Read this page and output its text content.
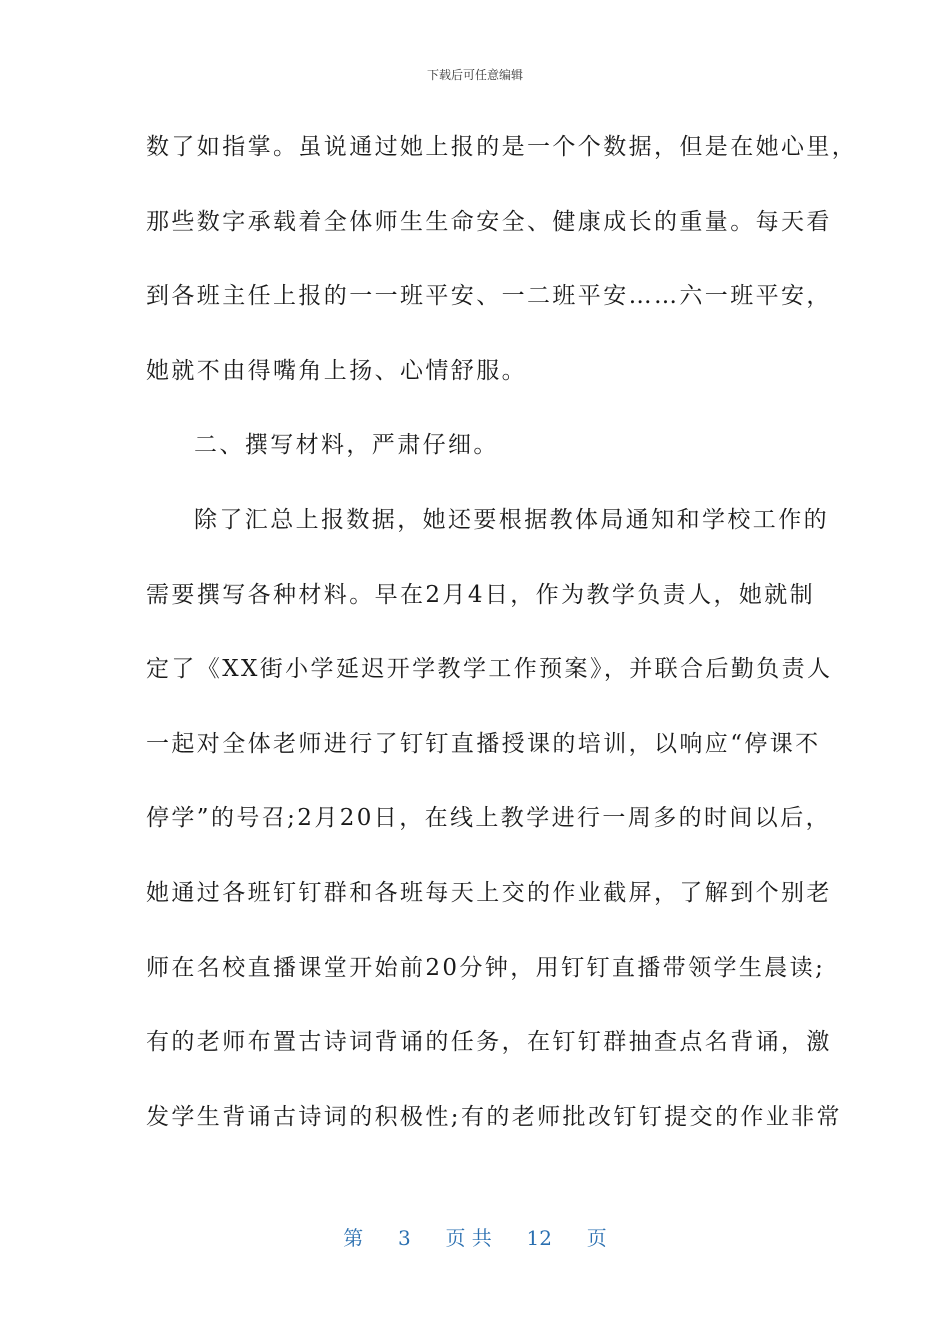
下载后可任意编辑
数了如指掌。虽说通过她上报的是一个个数据，但是在她心里，
那些数字承载着全体师生生命安全、健康成长的重量。每天看
到各班主任上报的一一班平安、一二班平安……六一班平安，
她就不由得嘴角上扬、心情舒服。
二、撰写材料，严肃仔细。
除了汇总上报数据，她还要根据教体局通知和学校工作的
需要撰写各种材料。早在2月4日，作为教学负责人，她就制
定了《XX街小学延迟开学教学工作预案》，并联合后勤负责人
一起对全体老师进行了钉钉直播授课的培训，以响应“停课不
停学”的号召;2月20日，在线上教学进行一周多的时间以后，
她通过各班钉钉群和各班每天上交的作业截屏，了解到个别老
师在名校直播课堂开始前20分钟，用钉钉直播带领学生晨读;
有的老师布置古诗词背诵的任务，在钉钉群抽查点名背诵，激
发学生背诵古诗词的积极性;有的老师批改钉钉提交的作业非常
第 3 页 共 12 页
